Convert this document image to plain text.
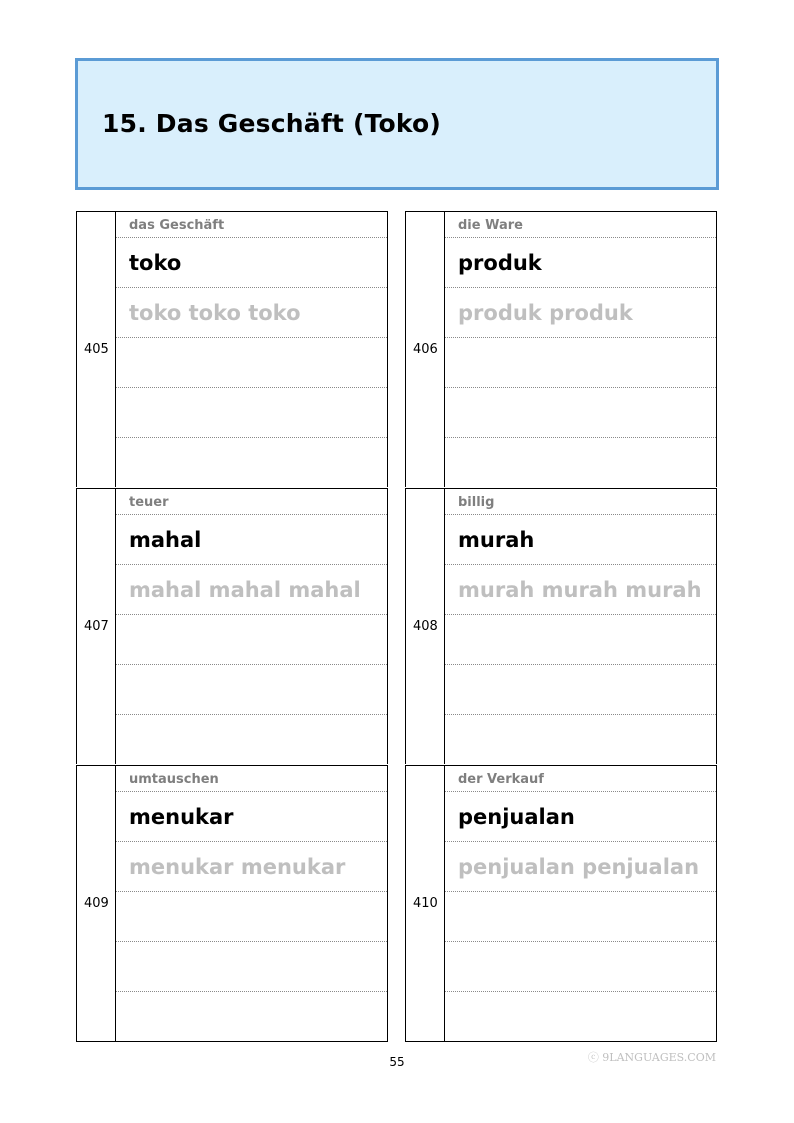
15. Das Geschäft (Toko)
405
das Geschäft
toko
toko toko toko
406
die Ware
produk
produk produk
407
teuer
mahal
mahal mahal mahal
408
billig
murah
murah murah murah
409
umtauschen
menukar
menukar menukar
410
der Verkauf
penjualan
penjualan penjualan
55	ⓒ 9LANGUAGES.COM
